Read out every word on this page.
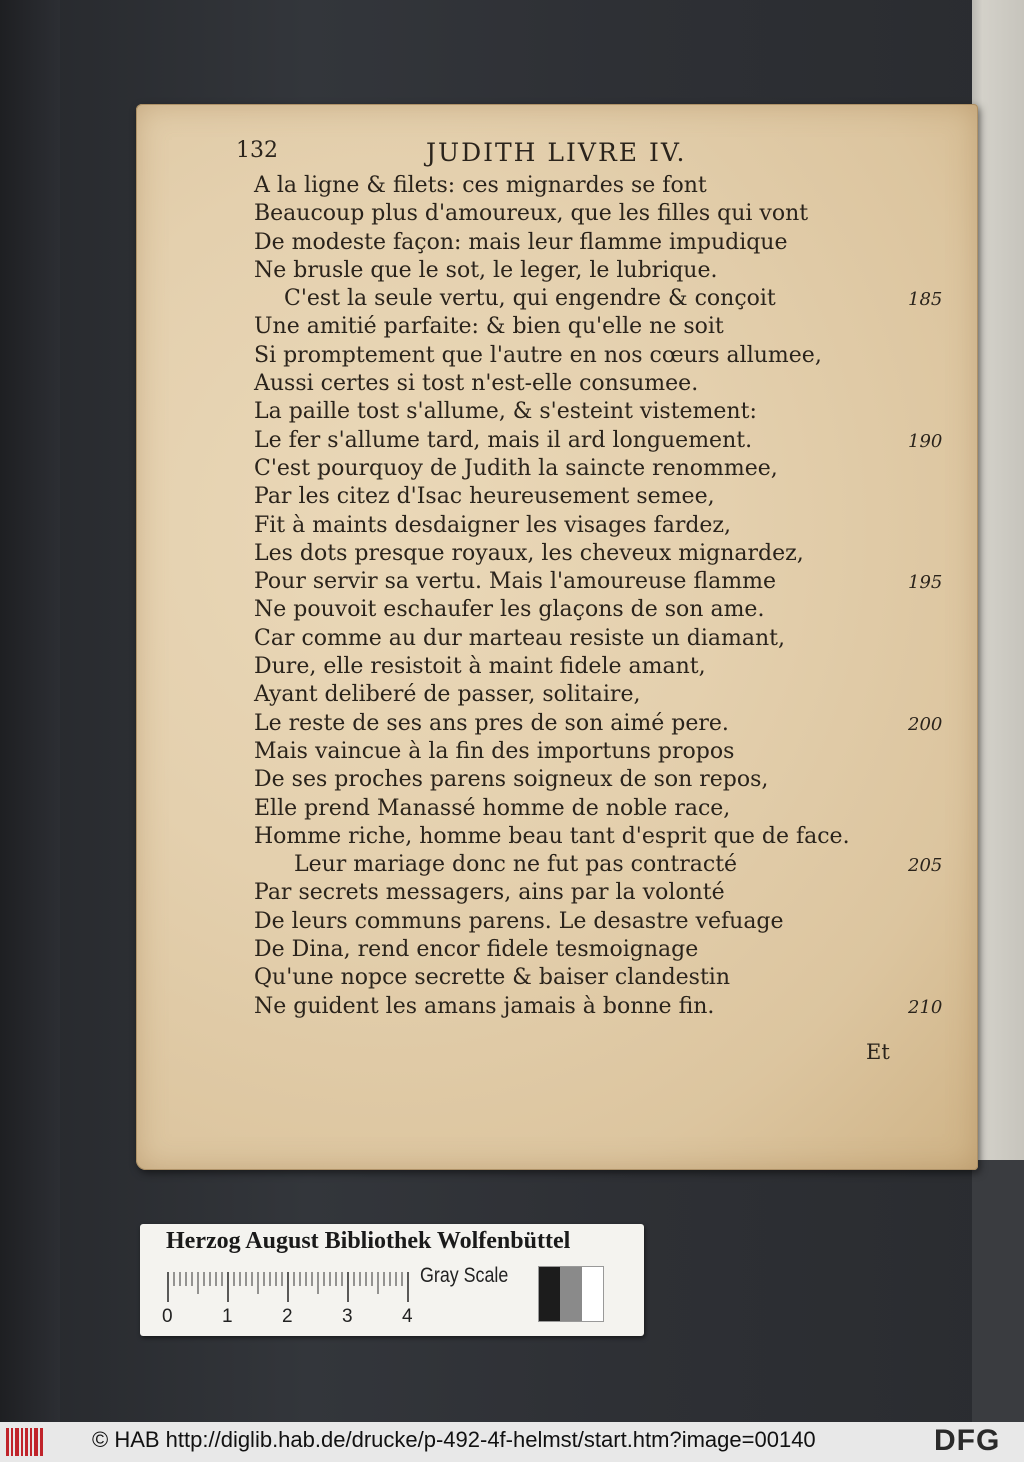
132	JUDITH LIVRE IV.
A la ligne & filets: ces mignardes se font
Beaucoup plus d'amoureux, que les filles qui vont
De modeste façon: mais leur flamme impudique
Ne brusle que le sot, le leger, le lubrique.
C'est la seule vertu, qui engendre & conçoit
Une amitié parfaite: & bien qu'elle ne soit
Si promptement que l'autre en nos cœurs allumee,
Aussi certes si tost n'est-elle consumee.
La paille tost s'allume, & s'esteint vistement:
Le fer s'allume tard, mais il ard longuement.
C'est pourquoy de Judith la saincte renommee,
Par les citez d'Isac heureusement semee,
Fit à maints desdaigner les visages fardez,
Les dots presque royaux, les cheveux mignardez,
Pour servir sa vertu. Mais l'amoureuse flamme
Ne pouvoit eschaufer les glaçons de son ame.
Car comme au dur marteau resiste un diamant,
Dure, elle resistoit à maint fidele amant,
Ayant deliberé de passer, solitaire,
Le reste de ses ans pres de son aimé pere.
Mais vaincue à la fin des importuns propos
De ses proches parens soigneux de son repos,
Elle prend Manassé homme de noble race,
Homme riche, homme beau tant d'esprit que de face.
Leur mariage donc ne fut pas contracté
Par secrets messagers, ains par la volonté
De leurs communs parens. Le desastre vefuage
De Dina, rend encor fidele tesmoignage
Qu'une nopce secrette & baiser clandestin
Ne guident les amans jamais à bonne fin.
185
190
195
200
205
210
Et
Herzog August Bibliothek Wolfenbüttel
0	1	2	3	4
Gray Scale
© HAB http://diglib.hab.de/drucke/p-492-4f-helmst/start.htm?image=00140	DFG
